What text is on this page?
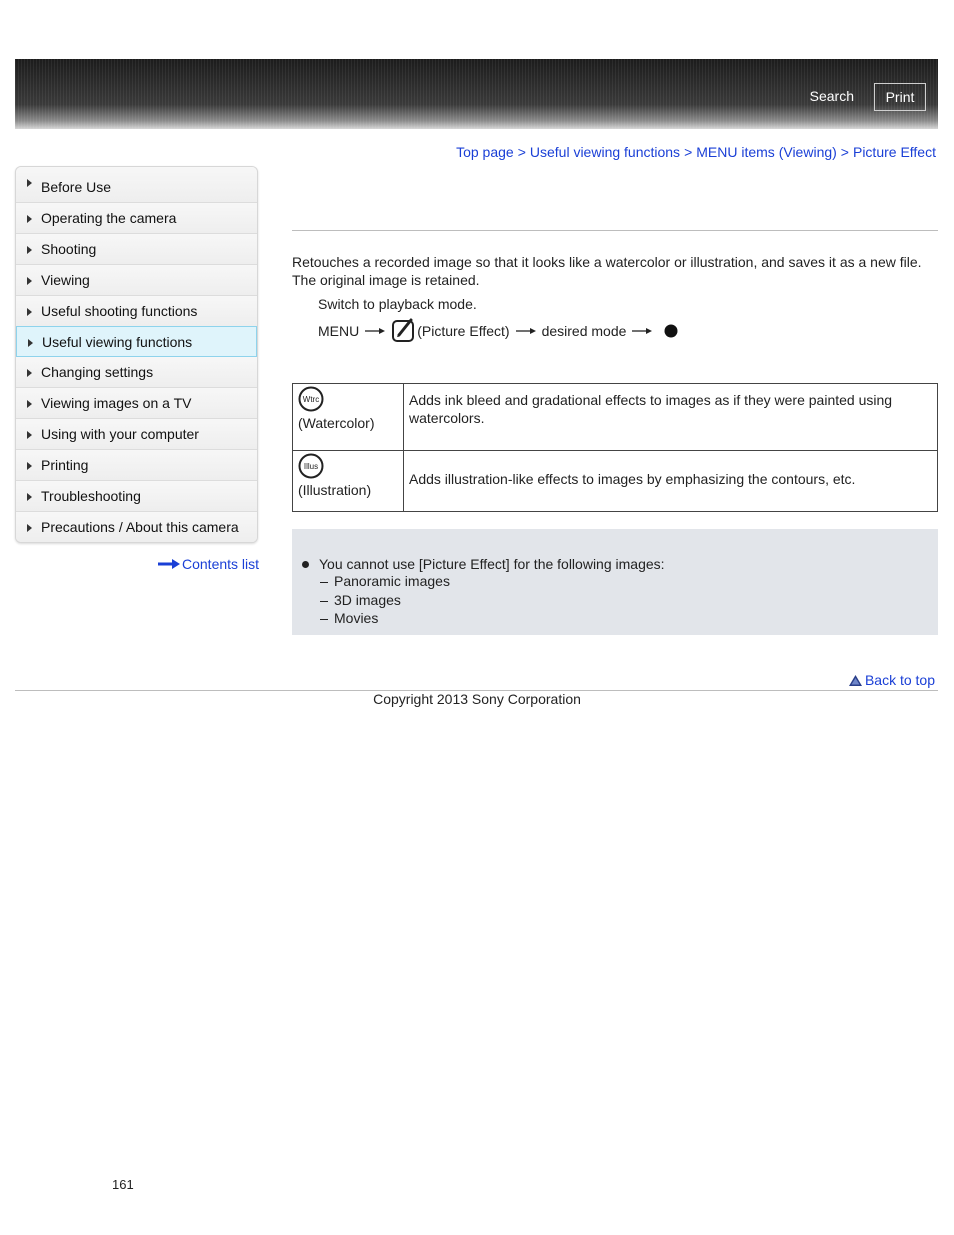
Search	Print
Top page > Useful viewing functions > MENU items (Viewing) > Picture Effect
Before Use
Operating the camera
Shooting
Viewing
Useful shooting functions
Useful viewing functions
Changing settings
Viewing images on a TV
Using with your computer
Printing
Troubleshooting
Precautions / About this camera
Contents list
Retouches a recorded image so that it looks like a watercolor or illustration, and saves it as a new file. The original image is retained.
Switch to playback mode.
MENU	(Picture Effect) desired mode
Wtrc

(Watercolor)	Adds ink bleed and gradational effects to images as if they were painted using watercolors.

Illus

(Illustration)	Adds illustration-like effects to images by emphasizing the contours, etc.
You cannot use [Picture Effect] for the following images:
Panoramic images
3D images
Movies
Back to top
Copyright 2013 Sony Corporation
161
